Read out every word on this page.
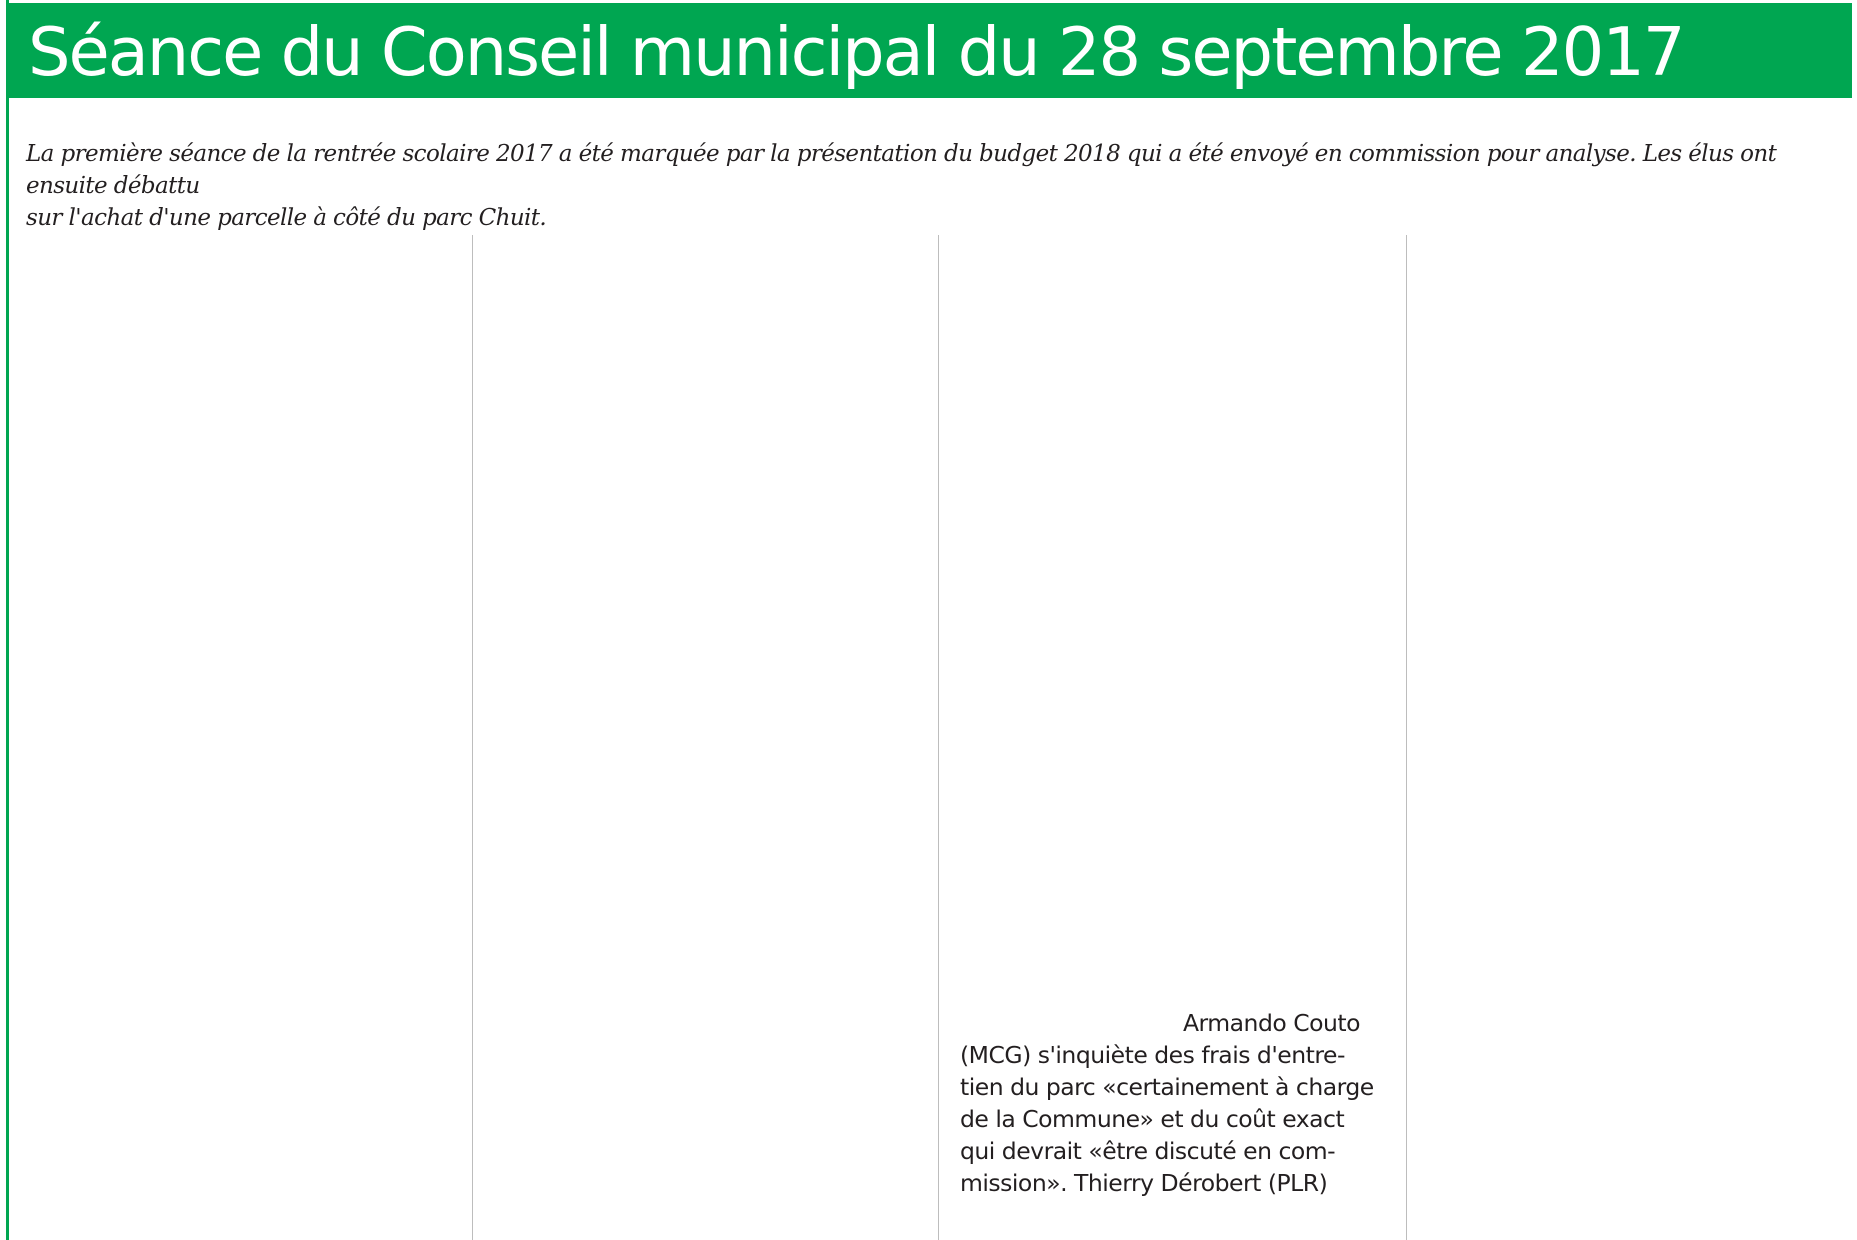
Séance du Conseil municipal du 28 septembre 2017

La première séance de la rentrée scolaire 2017 a été marquée par la présentation du budget 2018 qui a été envoyé en commission pour analyse. Les élus ont ensuite débattu
sur l'achat d'une parcelle à côté du parc Chuit.

Armando Couto
(MCG) s'inquiète des frais d'entre-
tien du parc «certainement à charge
de la Commune» et du coût exact
qui devrait «être discuté en com-
mission». Thierry Dérobert (PLR)
